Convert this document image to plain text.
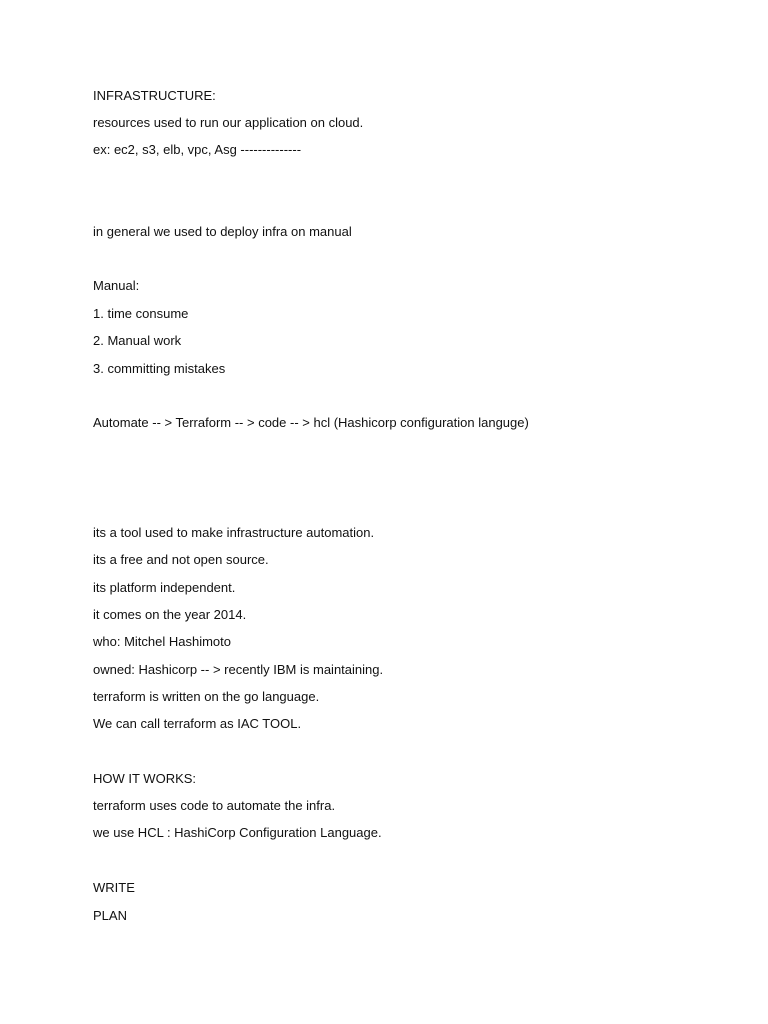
INFRASTRUCTURE:

resources used to run our application on cloud.

ex: ec2, s3, elb, vpc, Asg --------------

in general we used to deploy infra on manual

Manual:

1. time consume

2. Manual work

3. committing mistakes

Automate -- > Terraform -- > code -- > hcl (Hashicorp configuration languge)

its a tool used to make infrastructure automation.

its a free and not open source.

its platform independent.

it comes on the year 2014.

who: Mitchel Hashimoto

owned: Hashicorp -- > recently IBM is maintaining.

terraform is written on the go language.

We can call terraform as IAC TOOL.

HOW IT WORKS:

terraform uses code to automate the infra.

we use HCL : HashiCorp Configuration Language.

WRITE

PLAN
